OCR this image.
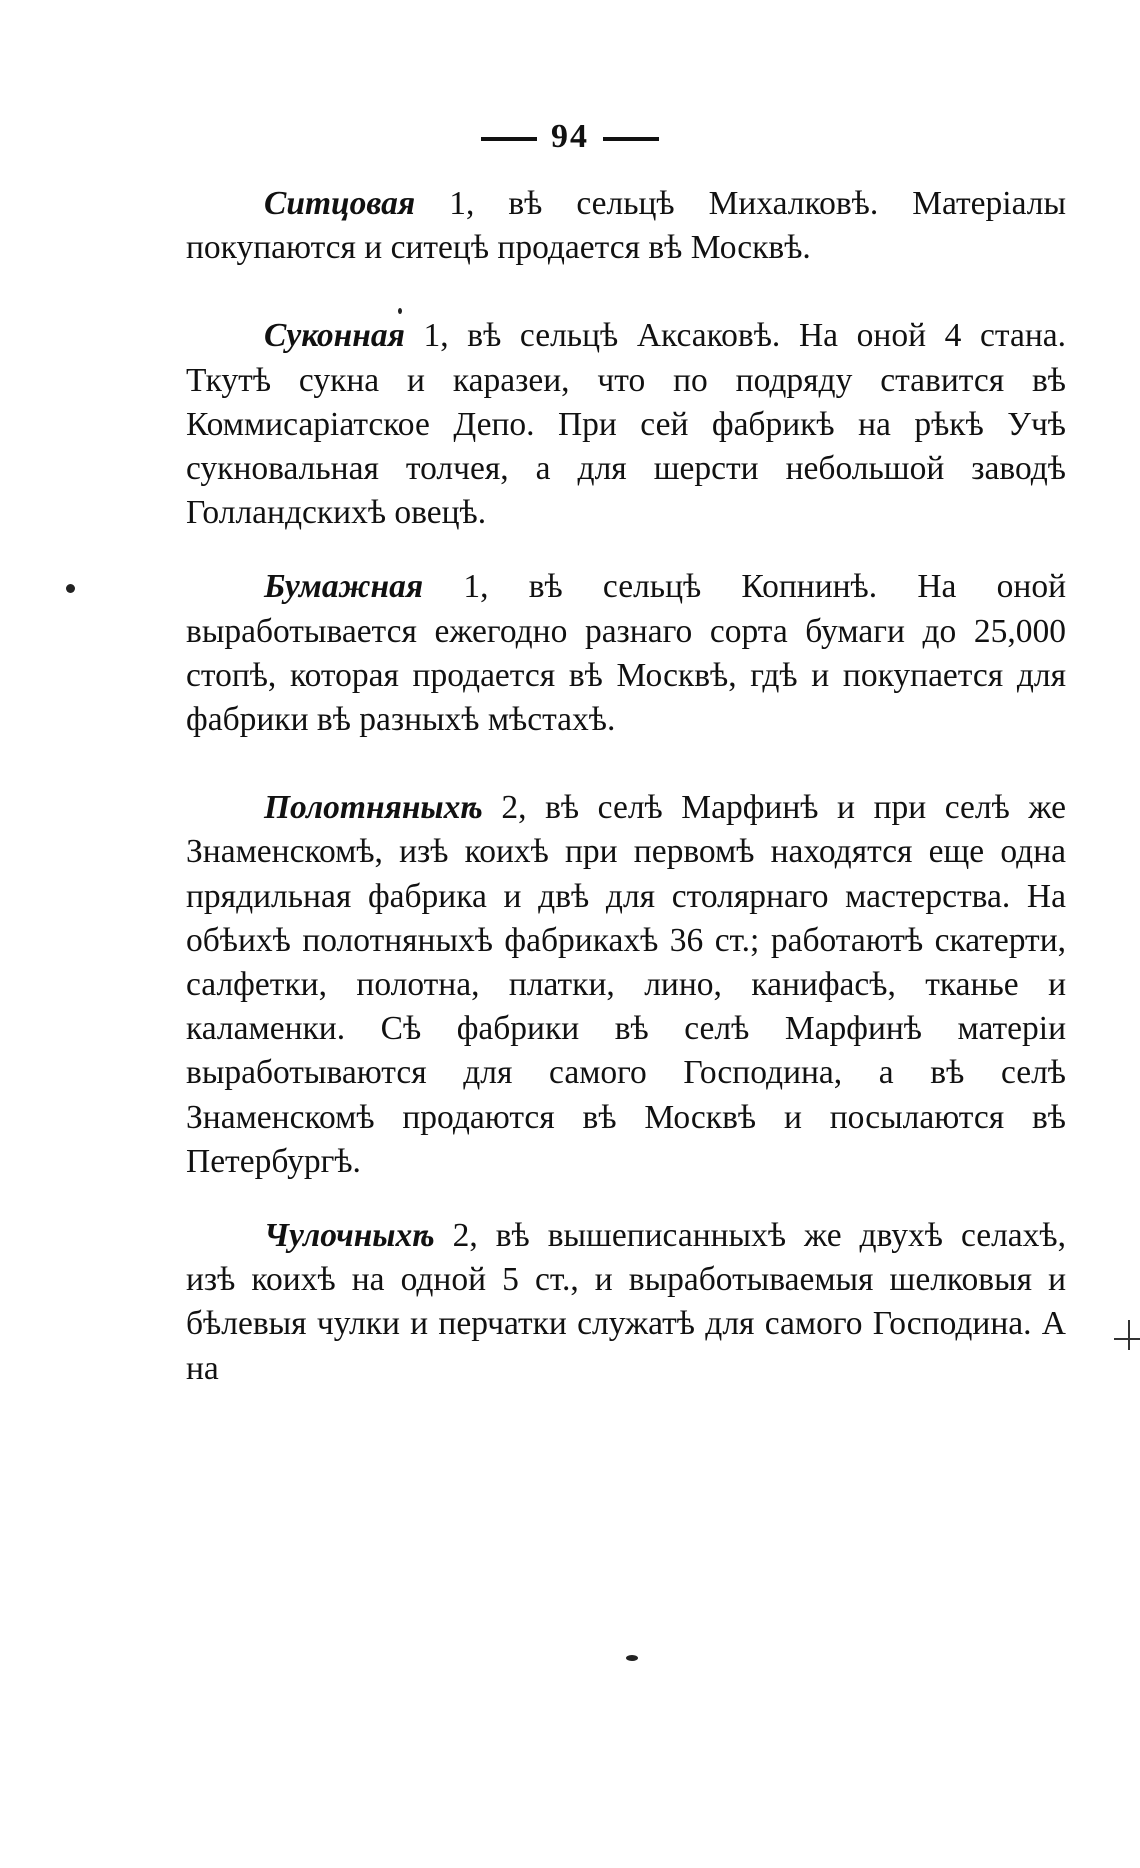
94

Ситцовая 1, вѣ сельцѣ Михалковѣ. Матерiалы покупаются и ситецѣ продается вѣ Москвѣ.

Суконная 1, вѣ сельцѣ Аксаковѣ. На оной 4 стана. Ткутѣ сукна и каразеи, что по подряду ставится вѣ Коммисарiатское Депо. При сей фабрикѣ на рѣкѣ Учѣ сукновальная толчея, а для шерсти небольшой заводѣ Голландскихѣ овецѣ.

Бумажная 1, вѣ сельцѣ Копнинѣ. На оной выработывается ежегодно разнаго сорта бумаги до 25,000 стопѣ, которая продается вѣ Москвѣ, гдѣ и покупается для фабрики вѣ разныхѣ мѣстахѣ.

Полотняныхѣ 2, вѣ селѣ Марфинѣ и при селѣ же Знаменскомѣ, изѣ коихѣ при первомѣ находятся еще одна прядильная фабрика и двѣ для столярнаго мастерства. На обѣихѣ полотняныхѣ фабрикахѣ 36 ст.; работаютѣ скатерти, салфетки, полотна, платки, лино, канифасѣ, тканье и каламенки. Сѣ фабрики вѣ селѣ Марфинѣ матерiи выработываются для самого Господина, а вѣ селѣ Знаменскомѣ продаются вѣ Москвѣ и посылаются вѣ Петербургѣ.

Чулочныхѣ 2, вѣ вышеписанныхѣ же двухѣ селахѣ, изѣ коихѣ на одной 5 ст., и выработываемыя шелковыя и бѣлевыя чулки и перчатки служатѣ для самого Господина. А на
